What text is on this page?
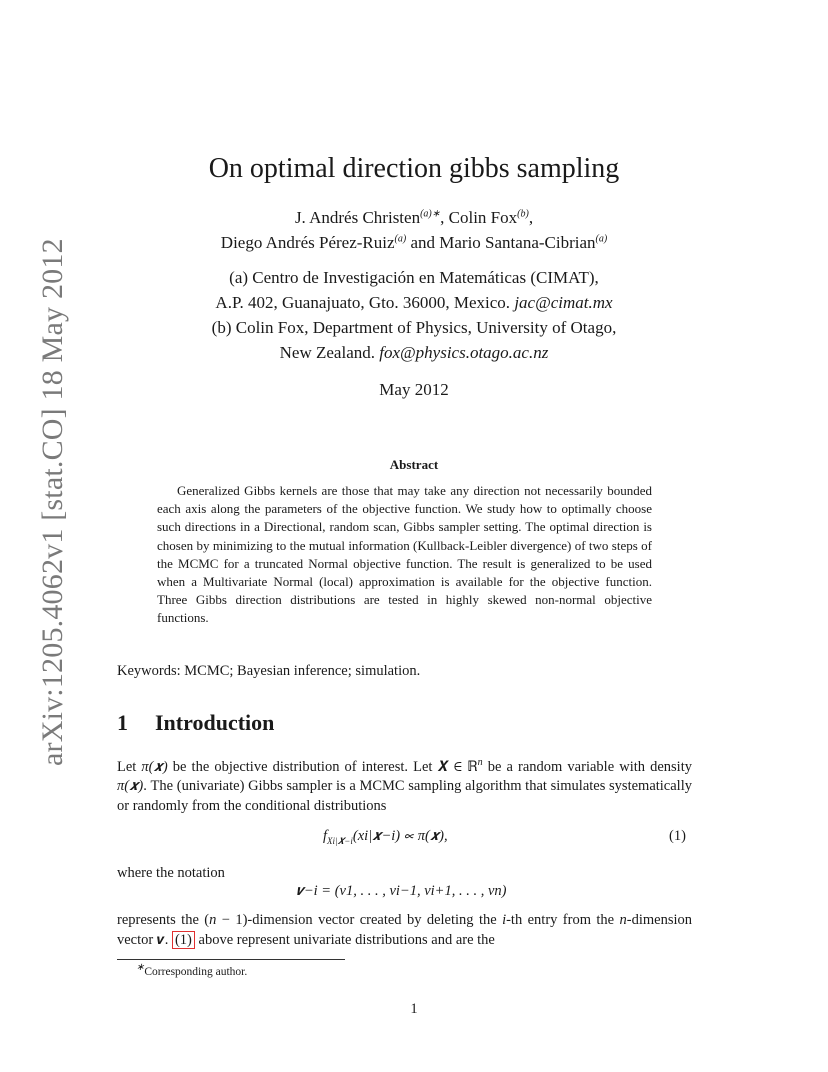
arXiv:1205.4062v1 [stat.CO] 18 May 2012
On optimal direction gibbs sampling
J. Andrés Christen$^{(a)∗}$, Colin Fox$^{(b)}$,
Diego Andrés Pérez-Ruiz$^{(a)}$ and Mario Santana-Cibrian$^{(a)}$
(a) Centro de Investigación en Matemáticas (CIMAT),
A.P. 402, Guanajuato, Gto. 36000, Mexico. jac@cimat.mx
(b) Colin Fox, Department of Physics, University of Otago,
New Zealand. fox@physics.otago.ac.nz
May 2012
Abstract
Generalized Gibbs kernels are those that may take any direction not necessarily bounded each axis along the parameters of the objective function. We study how to optimally choose such directions in a Directional, random scan, Gibbs sampler setting. The optimal direction is chosen by minimizing to the mutual information (Kullback-Leibler divergence) of two steps of the MCMC for a truncated Normal objective function. The result is generalized to be used when a Multivariate Normal (local) approximation is available for the objective function. Three Gibbs direction distributions are tested in highly skewed non-normal objective functions.
Keywords: MCMC; Bayesian inference; simulation.
1 Introduction
Let π(𝒙) be the objective distribution of interest. Let 𝑿 ∈ ℝ$^n$ be a random variable with density π(𝒙). The (univariate) Gibbs sampler is a MCMC sampling algorithm that simulates systematically or randomly from the conditional distributions
$f_{Xi|𝑿-i}(xi|𝒙-i)$ ∝ π(𝒙),	(1)
where the notation
𝒗−i = (v1, . . . , vi−1, vi+1, . . . , vn)
represents the (n − 1)-dimension vector created by deleting the i-th entry from the n-dimension vector 𝒗. (1) above represent univariate distributions and are the
∗Corresponding author.
1
